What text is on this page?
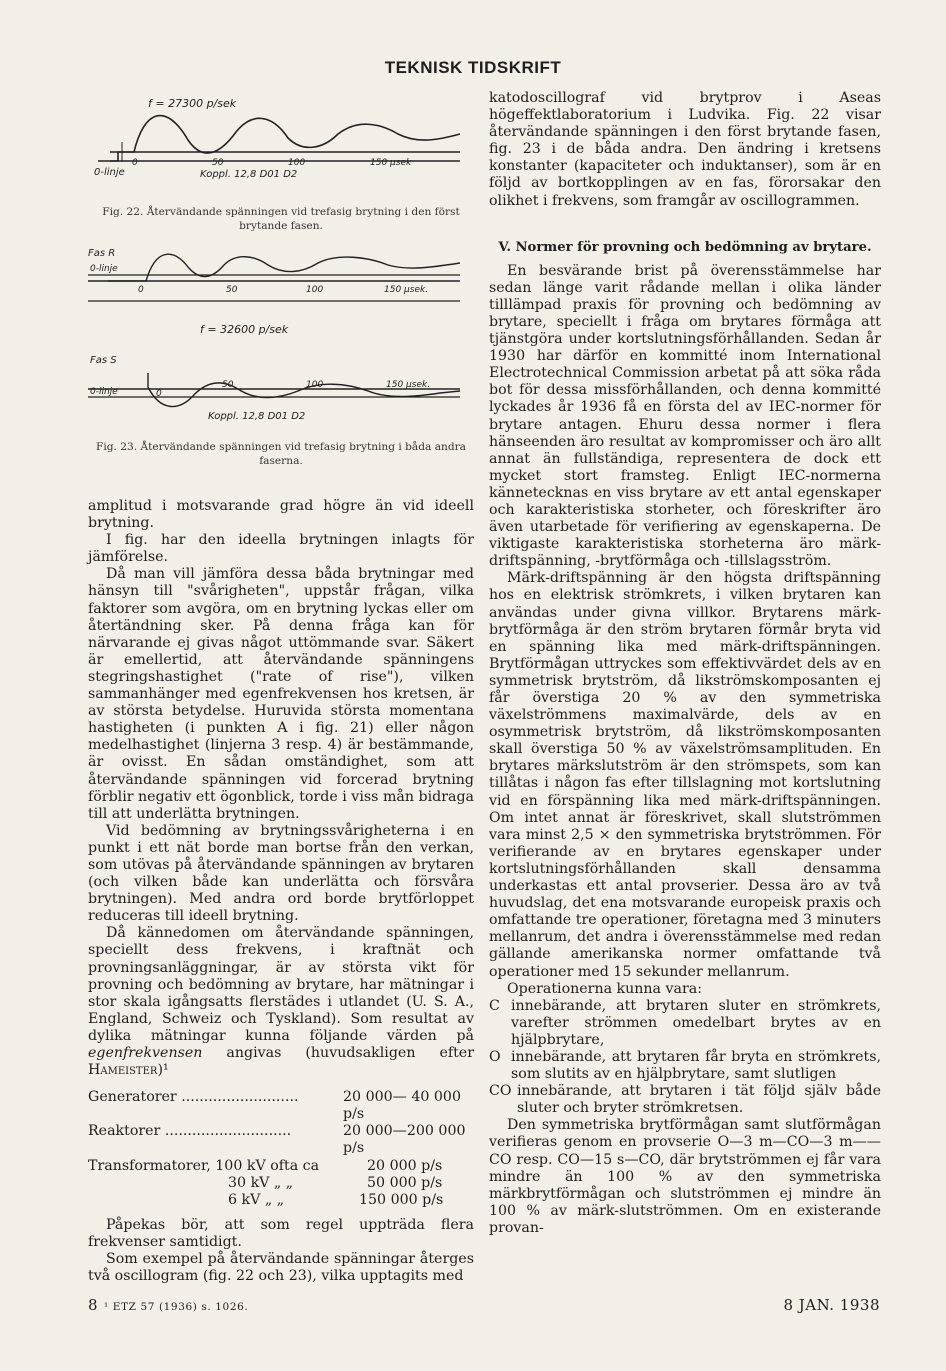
TEKNISK TIDSKRIFT
f = 27300 p/sek
0-linje	Koppl. 12,8 D01 D2
0	50	100	150 μsek

Fig. 22. Återvändande spänningen vid trefasig brytning i den först brytande fasen.

Fas R
0-linje
0	50	100	150 μsek.
f = 32600 p/sek
Fas S
0-linje	0
50	100	150 μsek.
Koppl. 12,8 D01 D2

Fig. 23. Återvändande spänningen vid trefasig brytning i båda andra faserna.

amplitud i motsvarande grad högre än vid ideell brytning.

I fig. har den ideella brytningen inlagts för jämförelse.

Då man vill jämföra dessa båda brytningar med hänsyn till "svårigheten", uppstår frågan, vilka faktorer som avgöra, om en brytning lyckas eller om återtändning sker. På denna fråga kan för närvarande ej givas något uttömmande svar. Säkert är emellertid, att återvändande spänningens stegringshastighet ("rate of rise"), vilken sammanhänger med egenfrekvensen hos kretsen, är av största betydelse. Huruvida största momentana hastigheten (i punkten A i fig. 21) eller någon medelhastighet (linjerna 3 resp. 4) är bestämmande, är ovisst. En sådan omständighet, som att återvändande spänningen vid forcerad brytning förblir negativ ett ögonblick, torde i viss mån bidraga till att underlätta brytningen.

Vid bedömning av brytningssvårigheterna i en punkt i ett nät borde man bortse från den verkan, som utövas på återvändande spänningen av brytaren (och vilken både kan underlätta och försvåra brytningen). Med andra ord borde brytförloppet reduceras till ideell brytning.

Då kännedomen om återvändande spänningen, speciellt dess frekvens, i kraftnät och provningsanläggningar, är av största vikt för provning och bedömning av brytare, har mätningar i stor skala igångsatts flerstädes i utlandet (U. S. A., England, Schweiz och Tyskland). Som resultat av dylika mätningar kunna följande värden på egenfrekvensen angivas (huvudsakligen efter Hameister)¹

Generatorer ..........................	20 000— 40 000 p/s
Reaktorer ............................	20 000—200 000 p/s
Transformatorer, 100 kV ofta ca	20 000 p/s
30 kV „ „	50 000 p/s
6 kV „ „	150 000 p/s

Påpekas bör, att som regel uppträda flera frekvenser samtidigt.

Som exempel på återvändande spänningar återges två oscillogram (fig. 22 och 23), vilka upptagits med

¹ ETZ 57 (1936) s. 1026.

katodoscillograf vid brytprov i Aseas högeffektlaboratorium i Ludvika. Fig. 22 visar återvändande spänningen i den först brytande fasen, fig. 23 i de båda andra. Den ändring i kretsens konstanter (kapaciteter och induktanser), som är en följd av bortkopplingen av en fas, förorsakar den olikhet i frekvens, som framgår av oscillogrammen.

V. Normer för provning och bedömning av brytare.

En besvärande brist på överensstämmelse har sedan länge varit rådande mellan i olika länder tilllämpad praxis för provning och bedömning av brytare, speciellt i fråga om brytares förmåga att tjänstgöra under kortslutningsförhållanden. Sedan år 1930 har därför en kommitté inom International Electrotechnical Commission arbetat på att söka råda bot för dessa missförhållanden, och denna kommitté lyckades år 1936 få en första del av IEC-normer för brytare antagen. Ehuru dessa normer i flera hänseenden äro resultat av kompromisser och äro allt annat än fullständiga, representera de dock ett mycket stort framsteg. Enligt IEC-normerna kännetecknas en viss brytare av ett antal egenskaper och karakteristiska storheter, och föreskrifter äro även utarbetade för verifiering av egenskaperna. De viktigaste karakteristiska storheterna äro märk-driftspänning, -brytförmåga och -tillslagsström.

Märk-driftspänning är den högsta driftspänning hos en elektrisk strömkrets, i vilken brytaren kan användas under givna villkor. Brytarens märk-brytförmåga är den ström brytaren förmår bryta vid en spänning lika med märk-driftspänningen. Brytförmågan uttryckes som effektivvärdet dels av en symmetrisk brytström, då likströmskomposanten ej får överstiga 20 % av den symmetriska växelströmmens maximalvärde, dels av en osymmetrisk brytström, då likströmskomposanten skall överstiga 50 % av växelströmsamplituden. En brytares märkslutström är den strömspets, som kan tillåtas i någon fas efter tillslagning mot kortslutning vid en förspänning lika med märk-driftspänningen. Om intet annat är föreskrivet, skall slutströmmen vara minst 2,5 × den symmetriska brytströmmen. För verifierande av en brytares egenskaper under kortslutningsförhållanden skall densamma underkastas ett antal provserier. Dessa äro av två huvudslag, det ena motsvarande europeisk praxis och omfattande tre operationer, företagna med 3 minuters mellanrum, det andra i överensstämmelse med redan gällande amerikanska normer omfattande två operationer med 15 sekunder mellanrum.

Operationerna kunna vara:

C innebärande, att brytaren sluter en strömkrets, varefter strömmen omedelbart brytes av en hjälpbrytare,
O innebärande, att brytaren får bryta en strömkrets, som slutits av en hjälpbrytare, samt slutligen
CO innebärande, att brytaren i tät följd själv både sluter och bryter strömkretsen.

Den symmetriska brytförmågan samt slutförmågan verifieras genom en provserie O—3 m—CO—3 m——CO resp. CO—15 s—CO, där brytströmmen ej får vara mindre än 100 % av den symmetriska märkbrytförmågan och slutströmmen ej mindre än 100 % av märk-slutströmmen. Om en existerande provan-

8	8 JAN. 1938
